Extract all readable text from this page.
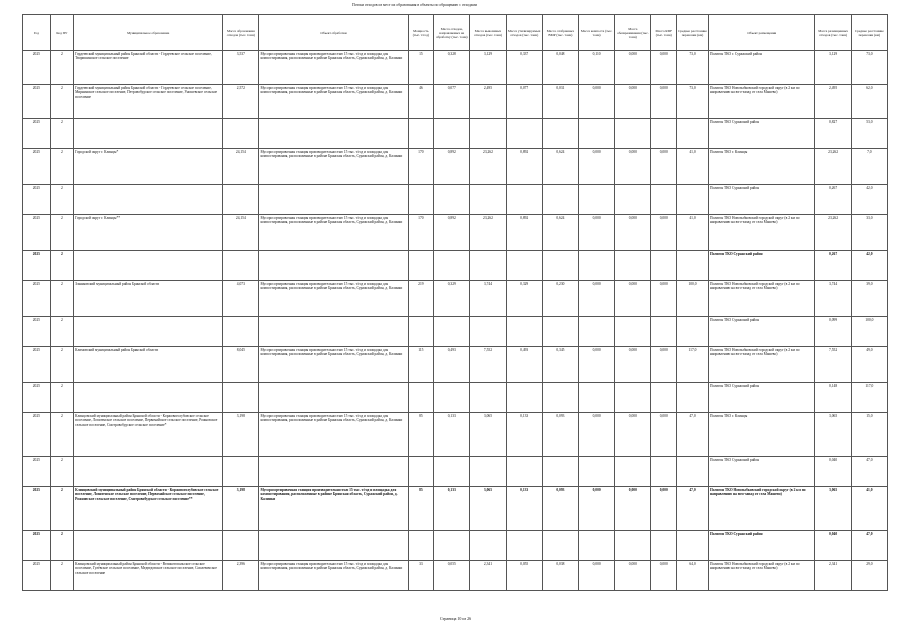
Потоки отходов из мест их образования в объекты по обращению с отходами
Год	Код ПУ	Муниципальное образование	Масса образования отходов (тыс. тонн)	Объект обработки	Мощность (тыс. т/год)	Масса отходов, направляемых на обработку (тыс. тонн)	Масса вывозимых отходов (тыс. тонн)	Масса утилизируемых отходов (тыс. тонн)	Масса отобранных ВМР (тыс. тонн)	Масса компоста (тыс. тонн)	Масса обезвреживания (тыс. тонн)	Масса RDF (тыс. тонн)	Среднее расстояние перевозки (км)	Объект размещения	Масса размещенных отходов (тыс. тонн)	Среднее расстояние перевозки (км)
2025	2	Гордеевский муниципальный район Брянской области - Гордеевское сельское поселение, Творишинское сельское поселение	3,537	Мусоросортировочная станция производительностью 15 тыс. т/год и площадка для компостирования, расположенные в районе Брянская область, Суражский район, д. Калинки	15	0,328	3,129	0,337	0,048	0,110	0,000	0,000	73,0	Полигон ТКО г. Суражский район	3,129	73,0
2025	2	Гордеевский муниципальный район Брянской области - Гордеевское сельское поселение, Мирнинское сельское поселение, Петровобудское сельское поселение, Уношевское сельское поселение	2,572	Мусоросортировочная станция производительностью 15 тыс. т/год и площадка для компостирования, расположенные в районе Брянская область, Суражский район, д. Калинки	46	0,077	2,495	0,077	0,031	0,000	0,000	0,000	73,0	Полигон ТКО Новозыбковский городской округ (в 2 км по направлению на юго-запад от села Машево)	2,495	62,0
2025	2													Полигон ТКО Суражский район	0,827	53,0
2025	2	Городской округ г. Клинцы*	24,154	Мусоросортировочная станция производительностью 15 тыс. т/год и площадка для компостирования, расположенные в районе Брянская область, Суражский район, д. Калинки	170	0,892	23,262	0,892	0,624	0,000	0,000	0,000	41,0	Полигон ТКО г. Клинцы	23,262	7,0
2025	2													Полигон ТКО Суражский район	0,267	42,0
2025	2	Городской округ г. Клинцы**	24,154	Мусоросортировочная станция производительностью 15 тыс. т/год и площадка для компостирования, расположенные в районе Брянская область, Суражский район, д. Калинки	170	0,892	23,262	0,892	0,624	0,000	0,000	0,000	41,0	Полигон ТКО Новозыбковский городской округ (в 2 км по направлению на юго-запад от села Машево)	23,262	33,0
2025	2													Полигон ТКО Суражский район	0,267	42,0
2025	2	Злынковский муниципальный район Брянской области	4,073	Мусоросортировочная станция производительностью 15 тыс. т/год и площадка для компостирования, расположенные в районе Брянская область, Суражский район, д. Калинки	219	0,329	3,744	0,329	0,230	0,000	0,000	0,000	100,0	Полигон ТКО Новозыбковский городской округ (в 2 км по направлению на юго-запад от села Машево)	3,744	39,0
2025	2													Полигон ТКО Суражский район	0,099	100,0
2025	2	Климовский муниципальный район Брянской области	8,045	Мусоросортировочная станция производительностью 15 тыс. т/год и площадка для компостирования, расположенные в районе Брянская область, Суражский район, д. Калинки	115	0,493	7,552	0,493	0,345	0,000	0,000	0,000	117,0	Полигон ТКО Новозыбковский городской округ (в 2 км по направлению на юго-запад от села Машево)	7,552	49,0
2025	2													Полигон ТКО Суражский район	0,148	117,0
2025	2	Клинцовский муниципальный район Брянской области - Коржовоголубовское сельское поселение, Лопатенское сельское поселение, Первомайское сельское поселение, Рожновское сельское поселение, Смотровобудское сельское поселение*	3,198	Мусоросортировочная станция производительностью 15 тыс. т/год и площадка для компостирования, расположенные в районе Брянская область, Суражский район, д. Калинки	85	0,133	3,065	0,133	0,093	0,000	0,000	0,000	47,0	Полигон ТКО г. Клинцы	3,065	15,0
2025	2													Полигон ТКО Суражский район	0,040	47,0
2025	2	Клинцовский муниципальный район Брянской области - Коржовоголубовское сельское поселение, Лопатенское сельское поселение, Первомайское сельское поселение, Рожновское сельское поселение, Смотровобудское сельское поселение**	3,198	Мусоросортировочная станция производительностью 15 тыс. т/год и площадка для компостирования, расположенные в районе Брянская область, Суражский район, д. Калинки	85	0,133	3,065	0,133	0,093	0,000	0,000	0,000	47,0	Полигон ТКО Новозыбковский городской округ (в 2 км по направлению на юго-запад от села Машево)	3,065	41,0
2025	2													Полигон ТКО Суражский район	0,040	47,0
2025	2	Клинцовский муниципальный район Брянской области - Великотопальское сельское поселение, Гулёвское сельское поселение, Медведовское сельское поселение, Смолевичское сельское поселение	2,396	Мусоросортировочная станция производительностью 15 тыс. т/год и площадка для компостирования, расположенные в районе Брянская область, Суражский район, д. Калинки	33	0,055	2,341	0,055	0,038	0,000	0,000	0,000	64,0	Полигон ТКО Новозыбковский городской округ (в 2 км по направлению на юго-запад от села Машево)	2,341	29,0
Страница 10 из 26
